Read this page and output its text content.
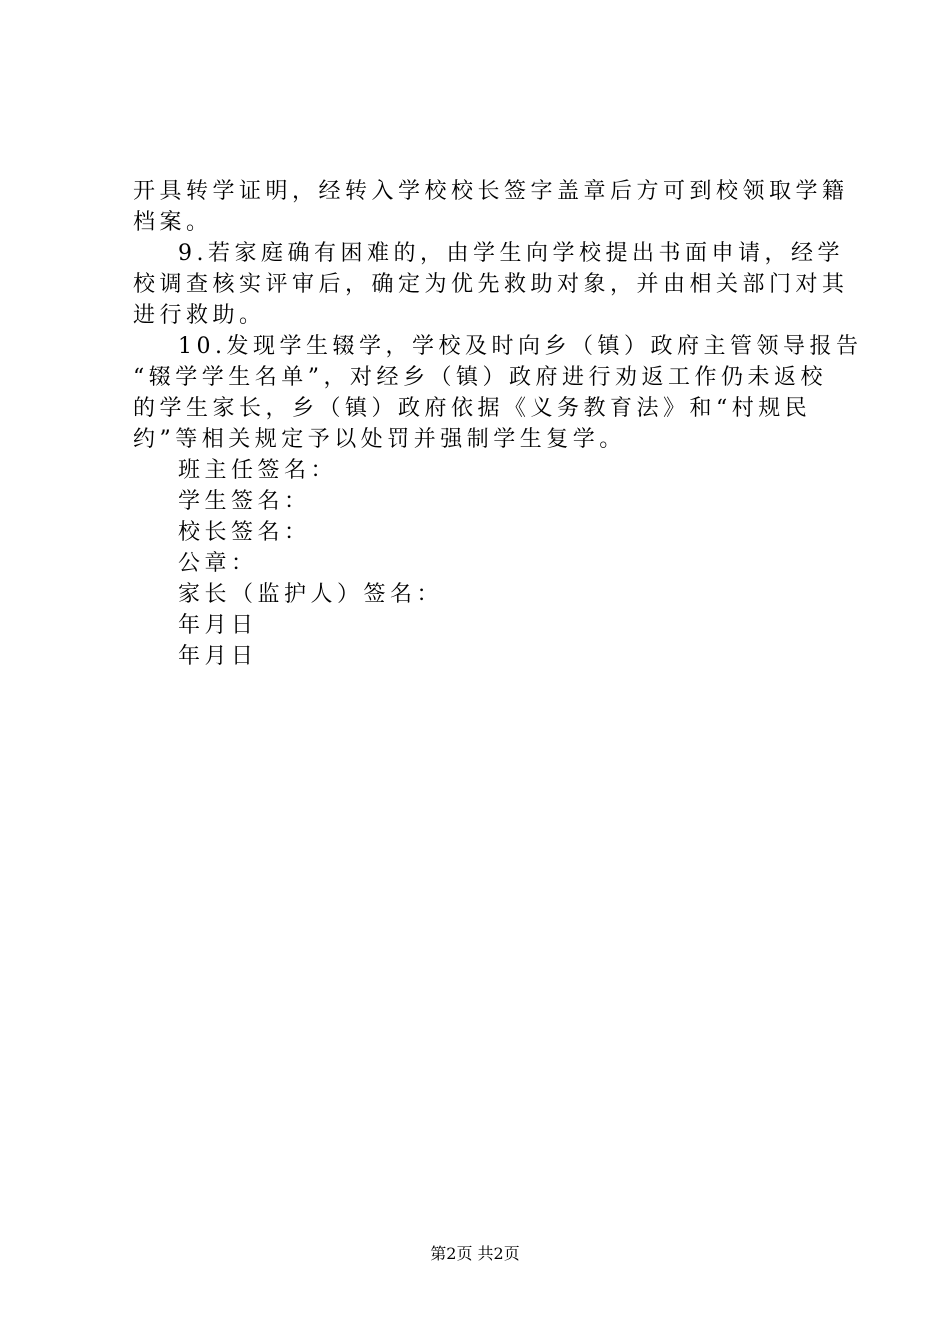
开具转学证明，经转入学校校长签字盖章后方可到校领取学籍
档案。
9.若家庭确有困难的，由学生向学校提出书面申请，经学
校调查核实评审后，确定为优先救助对象，并由相关部门对其
进行救助。
10.发现学生辍学，学校及时向乡（镇）政府主管领导报告
“辍学学生名单”，对经乡（镇）政府进行劝返工作仍未返校
的学生家长，乡（镇）政府依据《义务教育法》和“村规民
约”等相关规定予以处罚并强制学生复学。
班主任签名：
学生签名：
校长签名：
公章：
家长（监护人）签名：
年月日
年月日
第2页 共2页
